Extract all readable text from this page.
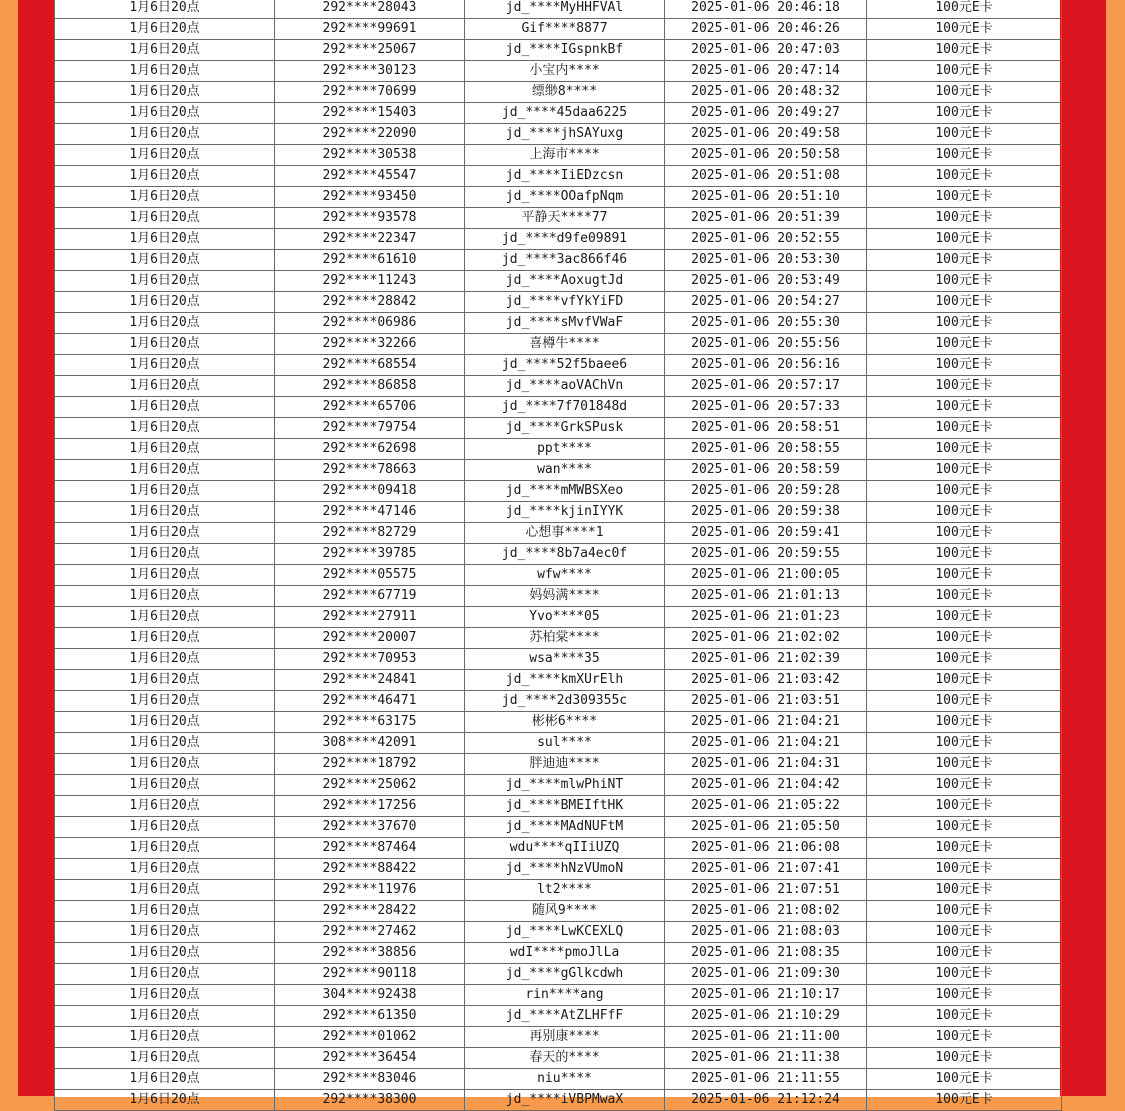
1月6日20点	292****28043	jd_****MyHHFVAl	2025-01-06 20:46:18	100元E卡
1月6日20点	292****99691	Gif****8877	2025-01-06 20:46:26	100元E卡
1月6日20点	292****25067	jd_****IGspnkBf	2025-01-06 20:47:03	100元E卡
1月6日20点	292****30123	小宝内****	2025-01-06 20:47:14	100元E卡
1月6日20点	292****70699	缥缈8****	2025-01-06 20:48:32	100元E卡
1月6日20点	292****15403	jd_****45daa6225	2025-01-06 20:49:27	100元E卡
1月6日20点	292****22090	jd_****jhSAYuxg	2025-01-06 20:49:58	100元E卡
1月6日20点	292****30538	上海市****	2025-01-06 20:50:58	100元E卡
1月6日20点	292****45547	jd_****IiEDzcsn	2025-01-06 20:51:08	100元E卡
1月6日20点	292****93450	jd_****OOafpNqm	2025-01-06 20:51:10	100元E卡
1月6日20点	292****93578	平静天****77	2025-01-06 20:51:39	100元E卡
1月6日20点	292****22347	jd_****d9fe09891	2025-01-06 20:52:55	100元E卡
1月6日20点	292****61610	jd_****3ac866f46	2025-01-06 20:53:30	100元E卡
1月6日20点	292****11243	jd_****AoxugtJd	2025-01-06 20:53:49	100元E卡
1月6日20点	292****28842	jd_****vfYkYiFD	2025-01-06 20:54:27	100元E卡
1月6日20点	292****06986	jd_****sMvfVWaF	2025-01-06 20:55:30	100元E卡
1月6日20点	292****32266	喜樽牛****	2025-01-06 20:55:56	100元E卡
1月6日20点	292****68554	jd_****52f5baee6	2025-01-06 20:56:16	100元E卡
1月6日20点	292****86858	jd_****aoVAChVn	2025-01-06 20:57:17	100元E卡
1月6日20点	292****65706	jd_****7f701848d	2025-01-06 20:57:33	100元E卡
1月6日20点	292****79754	jd_****GrkSPusk	2025-01-06 20:58:51	100元E卡
1月6日20点	292****62698	ppt****	2025-01-06 20:58:55	100元E卡
1月6日20点	292****78663	wan****	2025-01-06 20:58:59	100元E卡
1月6日20点	292****09418	jd_****mMWBSXeo	2025-01-06 20:59:28	100元E卡
1月6日20点	292****47146	jd_****kjinIYYK	2025-01-06 20:59:38	100元E卡
1月6日20点	292****82729	心想事****1	2025-01-06 20:59:41	100元E卡
1月6日20点	292****39785	jd_****8b7a4ec0f	2025-01-06 20:59:55	100元E卡
1月6日20点	292****05575	wfw****	2025-01-06 21:00:05	100元E卡
1月6日20点	292****67719	妈妈满****	2025-01-06 21:01:13	100元E卡
1月6日20点	292****27911	Yvo****05	2025-01-06 21:01:23	100元E卡
1月6日20点	292****20007	苏柏棠****	2025-01-06 21:02:02	100元E卡
1月6日20点	292****70953	wsa****35	2025-01-06 21:02:39	100元E卡
1月6日20点	292****24841	jd_****kmXUrElh	2025-01-06 21:03:42	100元E卡
1月6日20点	292****46471	jd_****2d309355c	2025-01-06 21:03:51	100元E卡
1月6日20点	292****63175	彬彬6****	2025-01-06 21:04:21	100元E卡
1月6日20点	308****42091	sul****	2025-01-06 21:04:21	100元E卡
1月6日20点	292****18792	胖迪迪****	2025-01-06 21:04:31	100元E卡
1月6日20点	292****25062	jd_****mlwPhiNT	2025-01-06 21:04:42	100元E卡
1月6日20点	292****17256	jd_****BMEIftHK	2025-01-06 21:05:22	100元E卡
1月6日20点	292****37670	jd_****MAdNUFtM	2025-01-06 21:05:50	100元E卡
1月6日20点	292****87464	wdu****qIIiUZQ	2025-01-06 21:06:08	100元E卡
1月6日20点	292****88422	jd_****hNzVUmoN	2025-01-06 21:07:41	100元E卡
1月6日20点	292****11976	lt2****	2025-01-06 21:07:51	100元E卡
1月6日20点	292****28422	随风9****	2025-01-06 21:08:02	100元E卡
1月6日20点	292****27462	jd_****LwKCEXLQ	2025-01-06 21:08:03	100元E卡
1月6日20点	292****38856	wdI****pmoJlLa	2025-01-06 21:08:35	100元E卡
1月6日20点	292****90118	jd_****gGlkcdwh	2025-01-06 21:09:30	100元E卡
1月6日20点	304****92438	rin****ang	2025-01-06 21:10:17	100元E卡
1月6日20点	292****61350	jd_****AtZLHFfF	2025-01-06 21:10:29	100元E卡
1月6日20点	292****01062	再别康****	2025-01-06 21:11:00	100元E卡
1月6日20点	292****36454	春天的****	2025-01-06 21:11:38	100元E卡
1月6日20点	292****83046	niu****	2025-01-06 21:11:55	100元E卡
1月6日20点	292****38300	jd_****iVBPMwaX	2025-01-06 21:12:24	100元E卡
